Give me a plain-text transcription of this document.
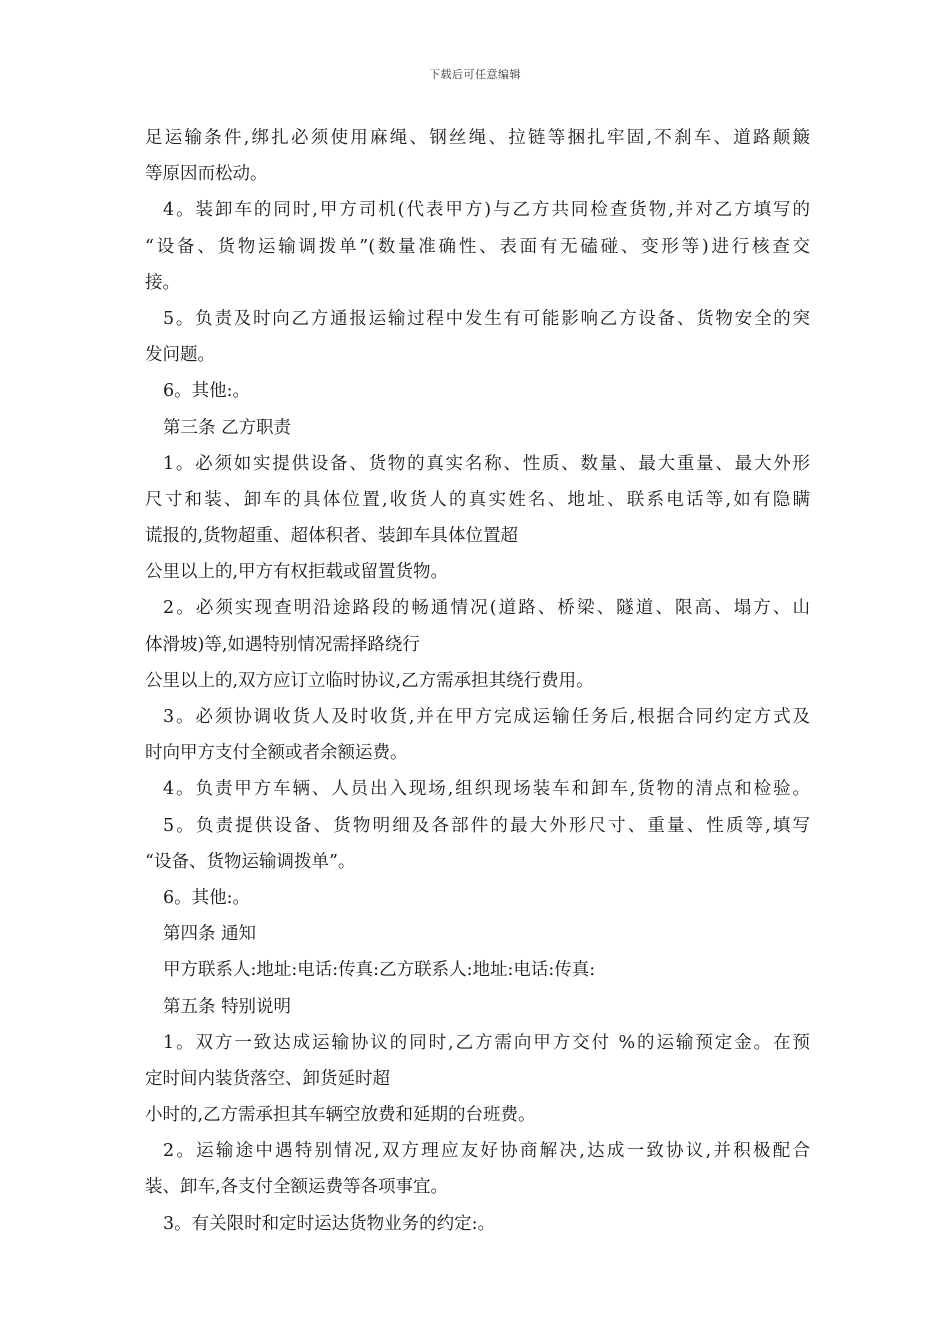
下载后可任意编辑
足运输条件,绑扎必须使用麻绳、钢丝绳、拉链等捆扎牢固,不刹车、道路颠簸
等原因而松动。
4。装卸车的同时,甲方司机(代表甲方)与乙方共同检查货物,并对乙方填写的
“设备、货物运输调拨单”(数量准确性、表面有无磕碰、变形等)进行核查交
接。
5。负责及时向乙方通报运输过程中发生有可能影响乙方设备、货物安全的突
发问题。
6。其他:。
第三条 乙方职责
1。必须如实提供设备、货物的真实名称、性质、数量、最大重量、最大外形
尺寸和装、卸车的具体位置,收货人的真实姓名、地址、联系电话等,如有隐瞒
谎报的,货物超重、超体积者、装卸车具体位置超
公里以上的,甲方有权拒载或留置货物。
2。必须实现查明沿途路段的畅通情况(道路、桥梁、隧道、限高、塌方、山
体滑坡)等,如遇特别情况需择路绕行
公里以上的,双方应订立临时协议,乙方需承担其绕行费用。
3。必须协调收货人及时收货,并在甲方完成运输任务后,根据合同约定方式及
时向甲方支付全额或者余额运费。
4。负责甲方车辆、人员出入现场,组织现场装车和卸车,货物的清点和检验。
5。负责提供设备、货物明细及各部件的最大外形尺寸、重量、性质等,填写
“设备、货物运输调拨单”。
6。其他:。
第四条 通知
甲方联系人:地址:电话:传真:乙方联系人:地址:电话:传真:
第五条 特别说明
1。双方一致达成运输协议的同时,乙方需向甲方交付 %的运输预定金。在预
定时间内装货落空、卸货延时超
小时的,乙方需承担其车辆空放费和延期的台班费。
2。运输途中遇特别情况,双方理应友好协商解决,达成一致协议,并积极配合
装、卸车,各支付全额运费等各项事宜。
3。有关限时和定时运达货物业务的约定:。
